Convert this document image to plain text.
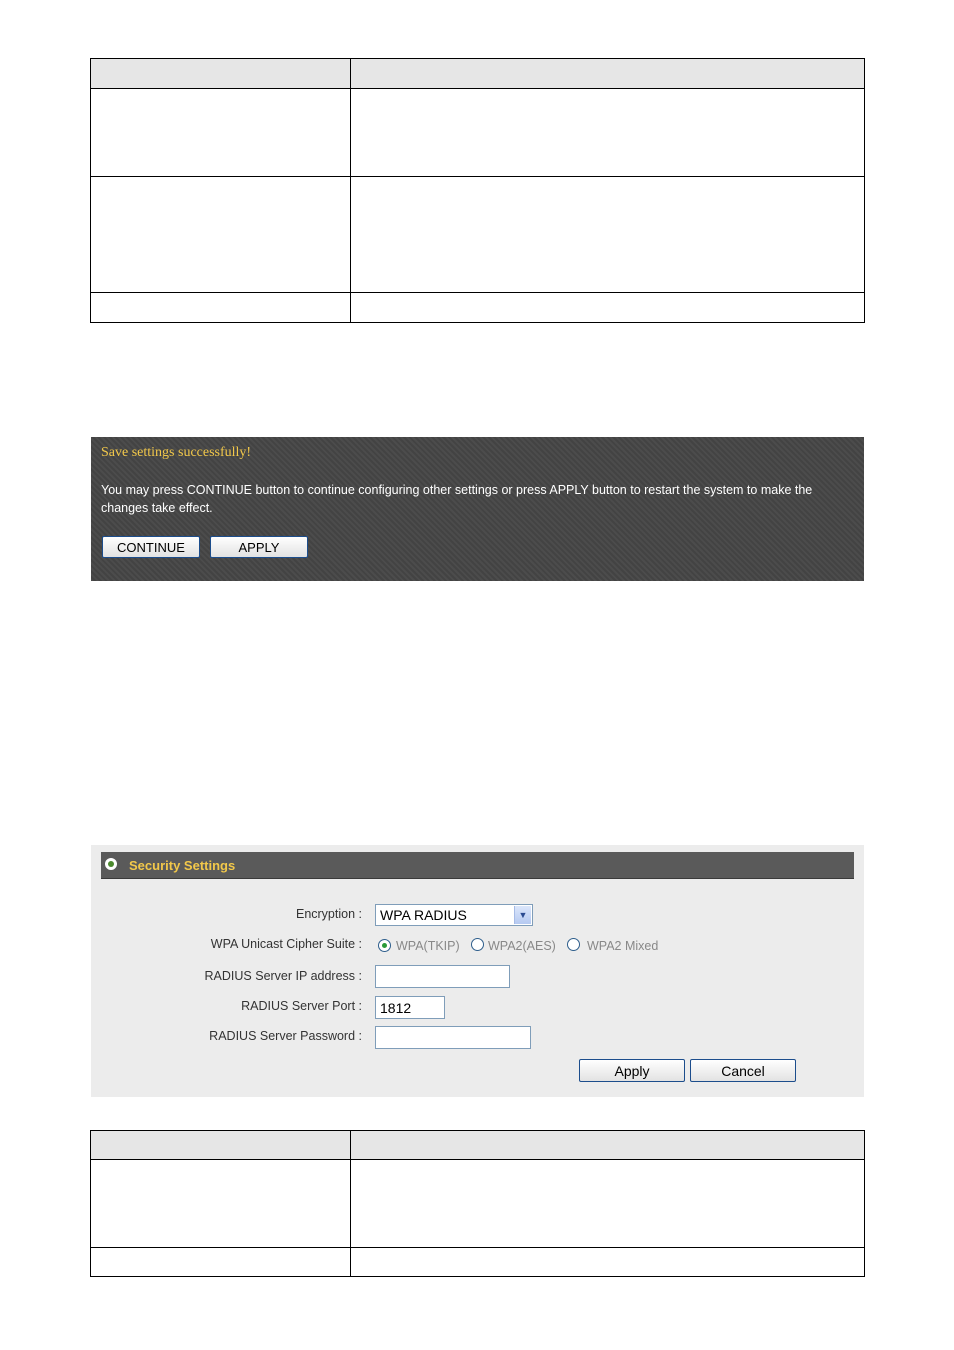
Save settings successfully!
You may press CONTINUE button to continue configuring other settings or press APPLY button to restart the system to make the changes take effect.
CONTINUE	APPLY
Security Settings
Encryption : WPA RADIUS	▼
WPA Unicast Cipher Suite :	WPA(TKIP) WPA2(AES) WPA2 Mixed
RADIUS Server IP address :
RADIUS Server Port :
1812
RADIUS Server Password :
Apply	Cancel
